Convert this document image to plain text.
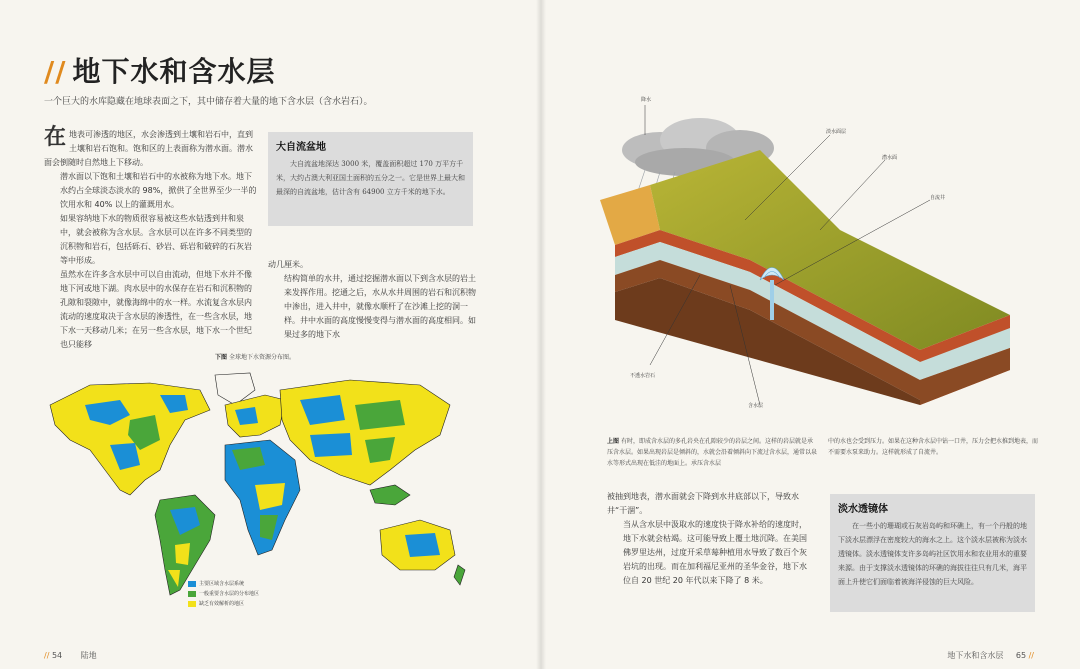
// 地下水和含水层
一个巨大的水库隐藏在地球表面之下，其中储存着大量的地下含水层（含水岩石）。
在 地表可渗透的地区，水会渗透到土壤和岩石中，直到土壤和岩石饱和。饱和区的上表面称为潜水面。潜水面会倒随时自然地上下移动。
潜水面以下饱和土壤和岩石中的水被称为地下水。地下水约占全球淡态淡水的 98%，掀供了全世界至少一半的饮用水和 40% 以上的灌溉用水。
如果容纳地下水的物质很容易被这些水钻透到井和泉中，就会被称为含水层。含水层可以在许多不同类型的沉积物和岩石，包括砾石、砂岩、砾岩和破碎的石灰岩等中形成。
虽然水在许多含水层中可以自由流动，但地下水并不像地下河或地下湖。肉水层中的水保存在岩石和沉积物的孔隙和裂隙中，就像海绵中的水一样。水流复含水层内流动的速度取决于含水层的渗透性，在一些含水层，地下水一天移动几米；在另一些含水层，地下水一个世纪也只能移
大自流盆地

大自流盆地深达 3000 米，覆盖面积超过 170 万平方千米，大约占澳大利亚国土面积的五分之一。它是世界上最大和最深的自流盆地，估计含有 64900 立方千米的地下水。

动几厘米。
结构简单的水井，通过挖掘潜水面以下到含水层的岩土来发挥作用。挖通之后，水从水井周围的岩石和沉积物中渗出，进入井中，就像水顺杆了在沙滩上挖的洞一样。井中水面的高度慢慢变得与潜水面的高度相同。如果过多的地下水
下图 全球地下水资源分布图。
主要区域含水层系统
一般重要含水层的分布地区
缺乏有效解析的地区
// 54 陆地
降水
淡水面层
潜水面
自流井
不透水岩石
含水层
上图 有时，即成含水层的多孔岩央在孔隙较少的岩层之间。这样的岩层就是承压含水层。如果出现岩层是倾斜的，水就会沿着倾斜向下流过含水层，通常以泉水等形式出现在低洼的地面上。承压含水层
中的水也会受到压力。如果在这种含水层中钻一口井，压力会把水推到地表，而不需要水泵来助力。这样就形成了自流井。
被抽到地表，潜水面就会下降到水井底部以下，导致水井“干涸”。
当从含水层中汲取水的速度快于降水补给的速度时，地下水就会枯竭。这可能导致上覆土地沉降。在美国佛罗里达州，过度开采草莓种植用水导致了数百个灰岩坑的出现。而在加利福尼亚州的圣华金谷，地下水位自 20 世纪 20 年代以来下降了 8 米。
淡水透镜体

在一些小的珊瑚或石灰岩岛屿和环礁上，有一个丹般的地下淡水层漂浮在密度较大的海水之上。这个淡水层被称为淡水透镜体。淡水透镜体支许多岛屿社区饮用水和农业用水的重要来源。由于支撑淡水透镜体的环礁的海拔往往只有几米，海平面上升使它们面临着被海洋侵蚀的巨大风险。

地下水和含水层 65 //
